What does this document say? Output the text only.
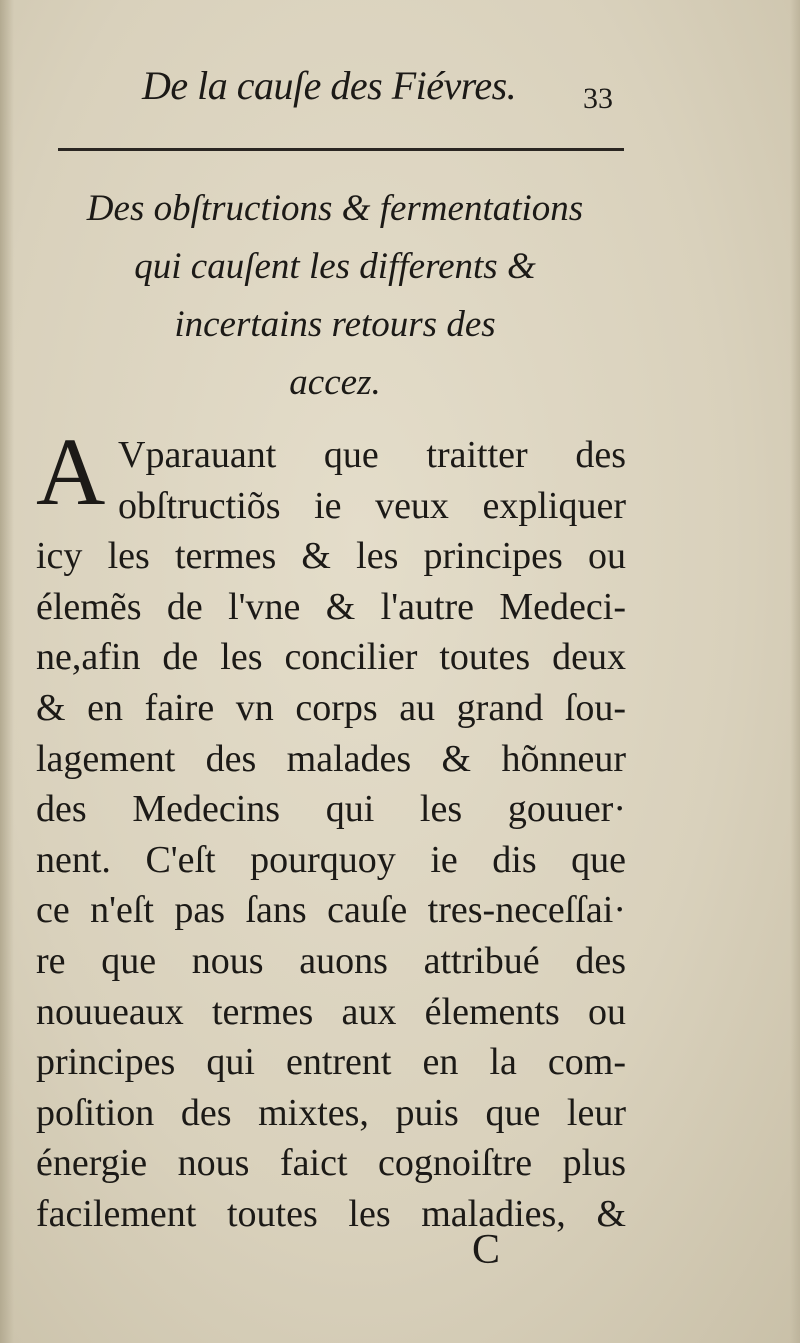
De la cauſe des Fiévres. 33
Des obſtructions & fermentations
qui cauſent les differents &
incertains retours des
accez.
A Vparauant que traitter des
obſtructiõs ie veux expliquer
icy les termes & les principes ou
élemẽs de l'vne & l'autre Medeci-
ne,afin de les concilier toutes deux
& en faire vn corps au grand ſou-
lagement des malades & hõnneur
des Medecins qui les gouuer·
nent. C'eſt pourquoy ie dis que
ce n'eſt pas ſans cauſe tres-neceſſai·
re que nous auons attribué des
nouueaux termes aux élements ou
principes qui entrent en la com-
poſition des mixtes, puis que leur
énergie nous faict cognoiſtre plus
facilement toutes les maladies, &
C
